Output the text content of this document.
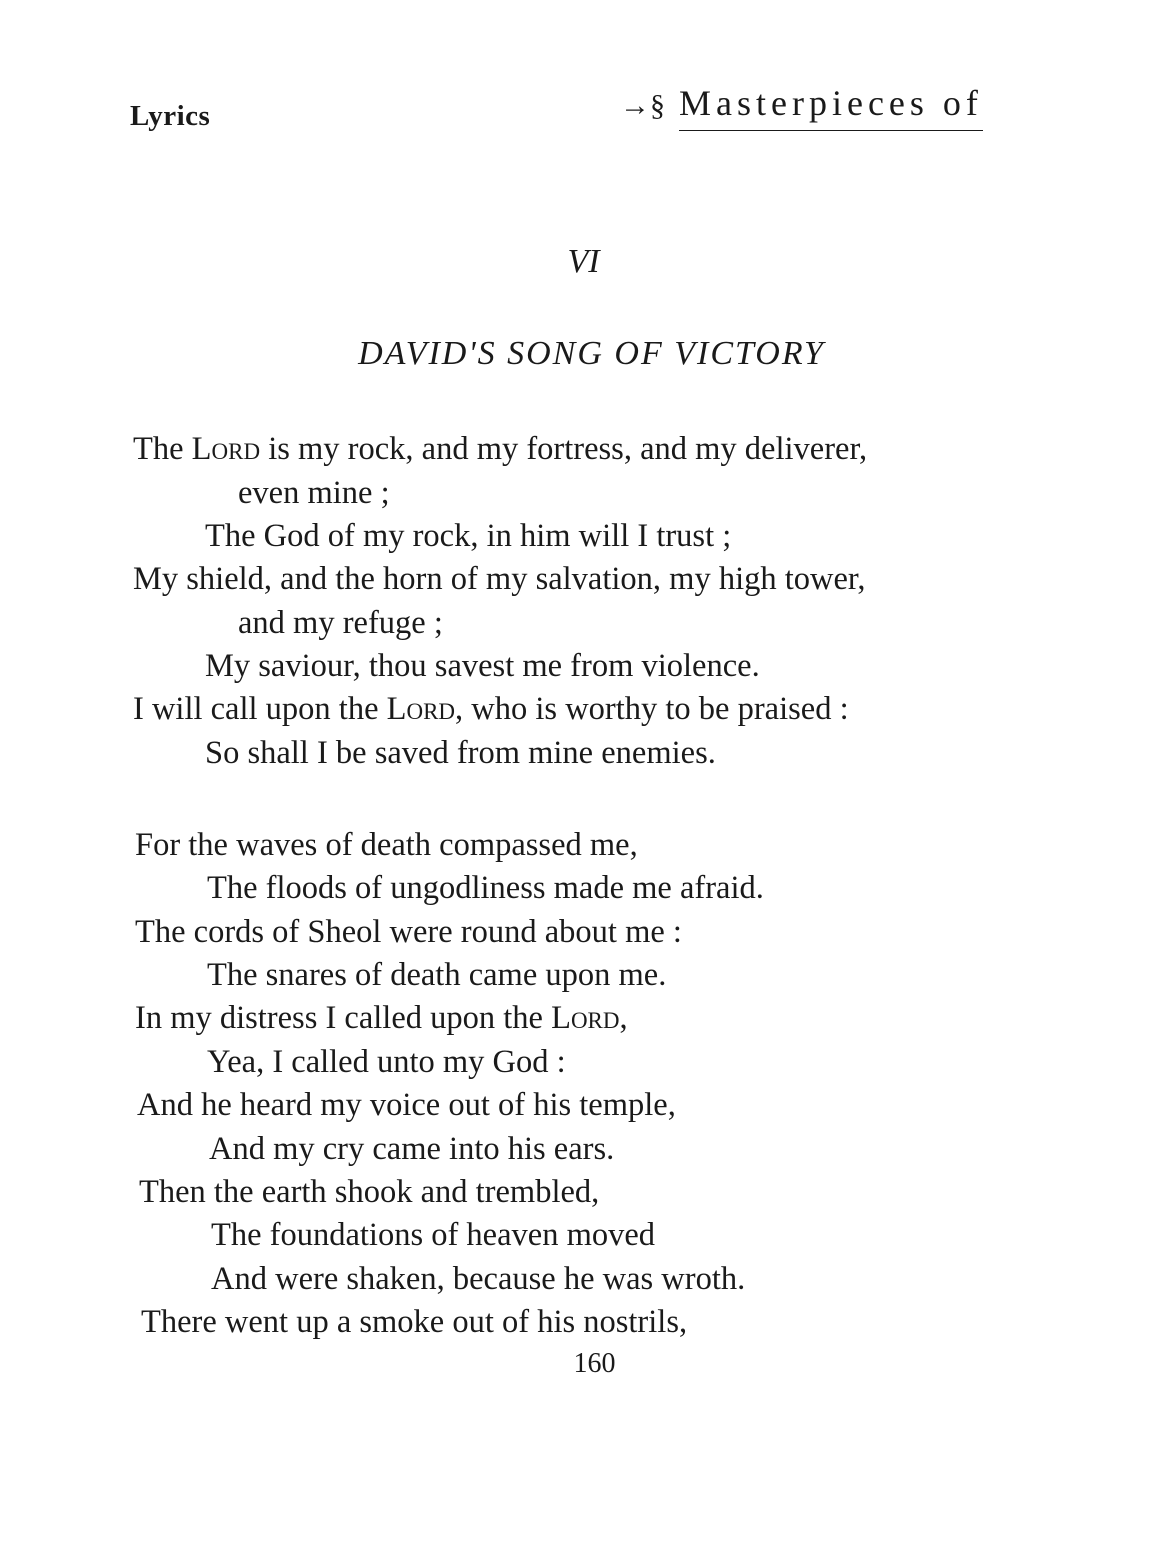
Lyrics	→§ Masterpieces of
VI
DAVID'S SONG OF VICTORY
The Lord is my rock, and my fortress, and my deliverer,
even mine ;
The God of my rock, in him will I trust ;
My shield, and the horn of my salvation, my high tower,
and my refuge ;
My saviour, thou savest me from violence.
I will call upon the Lord, who is worthy to be praised :
So shall I be saved from mine enemies.
For the waves of death compassed me,
The floods of ungodliness made me afraid.
The cords of Sheol were round about me :
The snares of death came upon me.
In my distress I called upon the Lord,
Yea, I called unto my God :
And he heard my voice out of his temple,
And my cry came into his ears.
Then the earth shook and trembled,
The foundations of heaven moved
And were shaken, because he was wroth.
There went up a smoke out of his nostrils,
160
